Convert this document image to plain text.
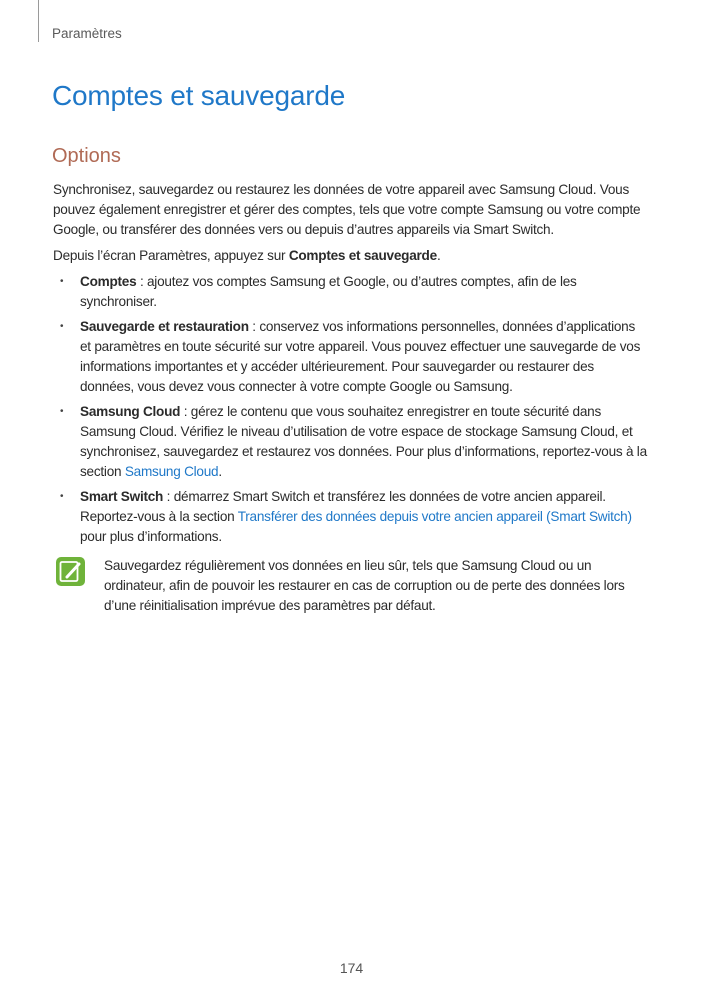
Paramètres
Comptes et sauvegarde
Options

Synchronisez, sauvegardez ou restaurez les données de votre appareil avec Samsung Cloud. Vous pouvez également enregistrer et gérer des comptes, tels que votre compte Samsung ou votre compte Google, ou transférer des données vers ou depuis d’autres appareils via Smart Switch.

Depuis l’écran Paramètres, appuyez sur Comptes et sauvegarde.

• Comptes : ajoutez vos comptes Samsung et Google, ou d’autres comptes, afin de les synchroniser.
• Sauvegarde et restauration : conservez vos informations personnelles, données d’applications et paramètres en toute sécurité sur votre appareil. Vous pouvez effectuer une sauvegarde de vos informations importantes et y accéder ultérieurement. Pour sauvegarder ou restaurer des données, vous devez vous connecter à votre compte Google ou Samsung.
• Samsung Cloud : gérez le contenu que vous souhaitez enregistrer en toute sécurité dans Samsung Cloud. Vérifiez le niveau d’utilisation de votre espace de stockage Samsung Cloud, et synchronisez, sauvegardez et restaurez vos données. Pour plus d’informations, reportez-vous à la section Samsung Cloud.
• Smart Switch : démarrez Smart Switch et transférez les données de votre ancien appareil. Reportez-vous à la section Transférer des données depuis votre ancien appareil (Smart Switch) pour plus d’informations.
Sauvegardez régulièrement vos données en lieu sûr, tels que Samsung Cloud ou un ordinateur, afin de pouvoir les restaurer en cas de corruption ou de perte des données lors d’une réinitialisation imprévue des paramètres par défaut.
174
